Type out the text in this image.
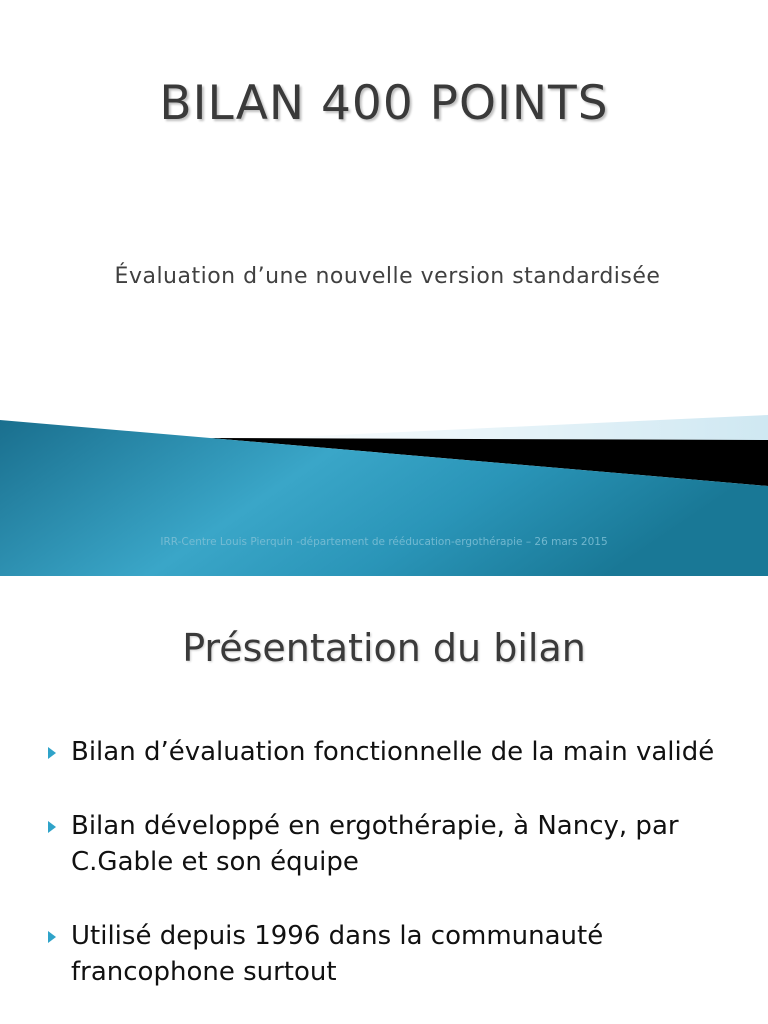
BILAN 400 POINTS
Évaluation d’une nouvelle version standardisée
IRR-Centre Louis Pierquin -département de rééducation-ergothérapie – 26 mars 2015
Présentation du bilan
Bilan d’évaluation fonctionnelle de la main validé
Bilan développé en ergothérapie, à Nancy, par C.Gable et son équipe
Utilisé depuis 1996 dans la communauté francophone surtout
